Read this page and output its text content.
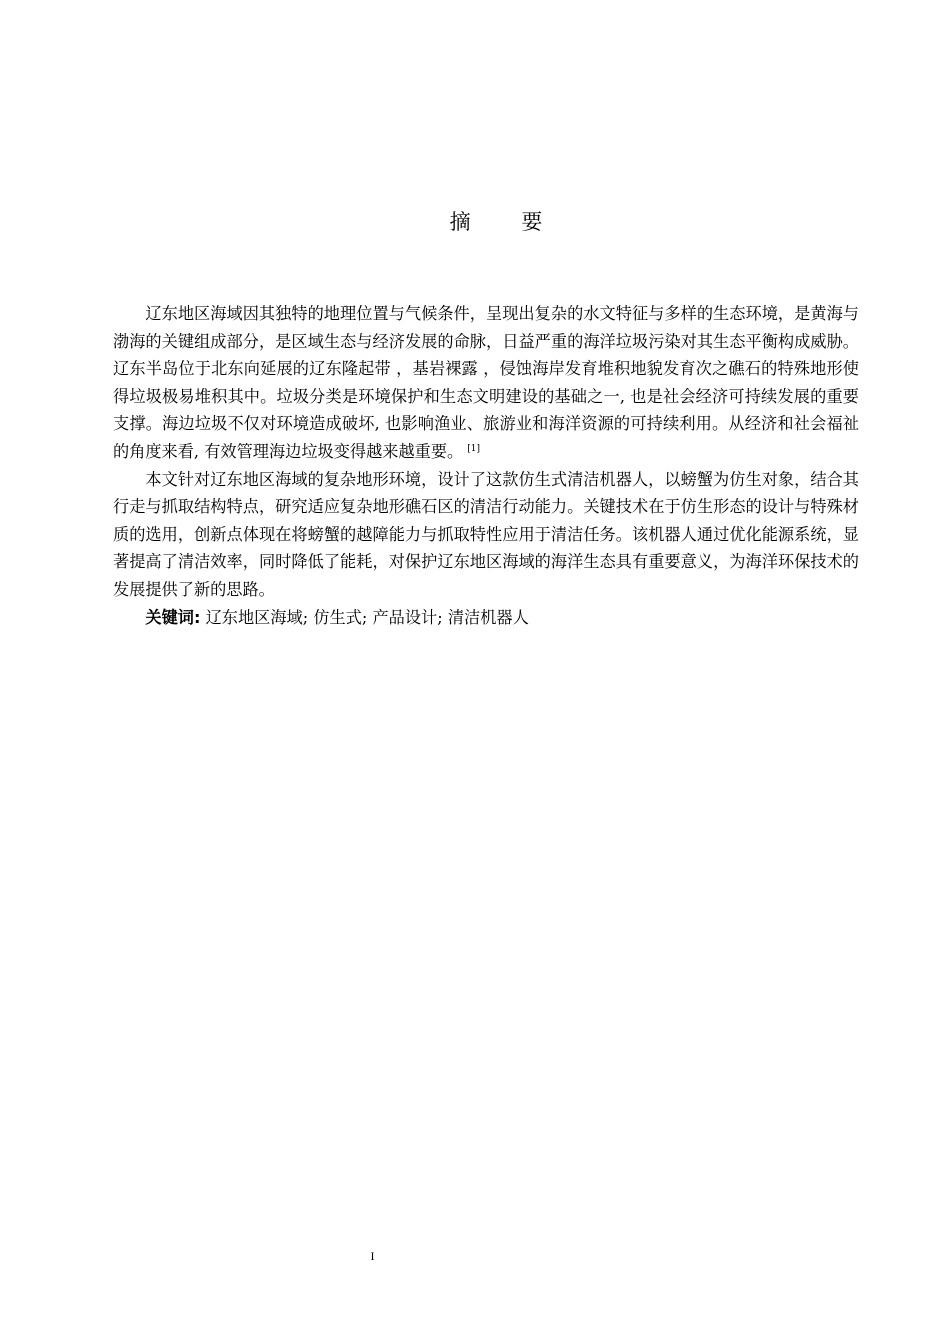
摘 要

辽东地区海域因其独特的地理位置与气候条件，呈现出复杂的水文特征与多样的生态环境，是黄海与渤海的关键组成部分，是区域生态与经济发展的命脉，日益严重的海洋垃圾污染对其生态平衡构成威胁。辽东半岛位于北东向延展的辽东隆起带 ，基岩裸露 ，侵蚀海岸发育堆积地貌发育次之礁石的特殊地形使得垃圾极易堆积其中。垃圾分类是环境保护和生态文明建设的基础之一, 也是社会经济可持续发展的重要支撑。海边垃圾不仅对环境造成破坏, 也影响渔业、旅游业和海洋资源的可持续利用。从经济和社会福祉的角度来看, 有效管理海边垃圾变得越来越重要。 [1]

本文针对辽东地区海域的复杂地形环境，设计了这款仿生式清洁机器人，以螃蟹为仿生对象，结合其行走与抓取结构特点，研究适应复杂地形礁石区的清洁行动能力。关键技术在于仿生形态的设计与特殊材质的选用，创新点体现在将螃蟹的越障能力与抓取特性应用于清洁任务。该机器人通过优化能源系统，显著提高了清洁效率，同时降低了能耗，对保护辽东地区海域的海洋生态具有重要意义，为海洋环保技术的发展提供了新的思路。

关键词: 辽东地区海域; 仿生式; 产品设计; 清洁机器人

I
